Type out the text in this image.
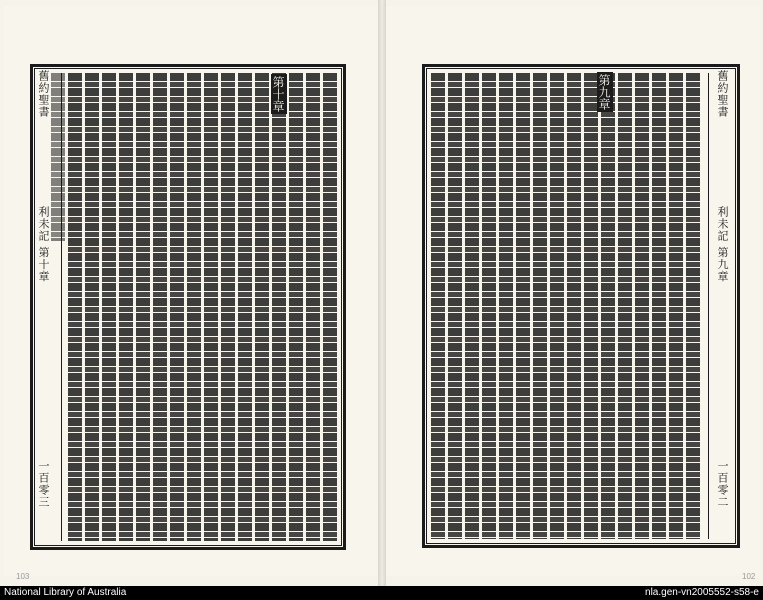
舊約聖書
利未記 第十章
一百零三
舊約聖書
利未記 第九章
一百零二
第十章	第九章
103	102
National Library of Australia	nla.gen-vn2005552-s58-e
